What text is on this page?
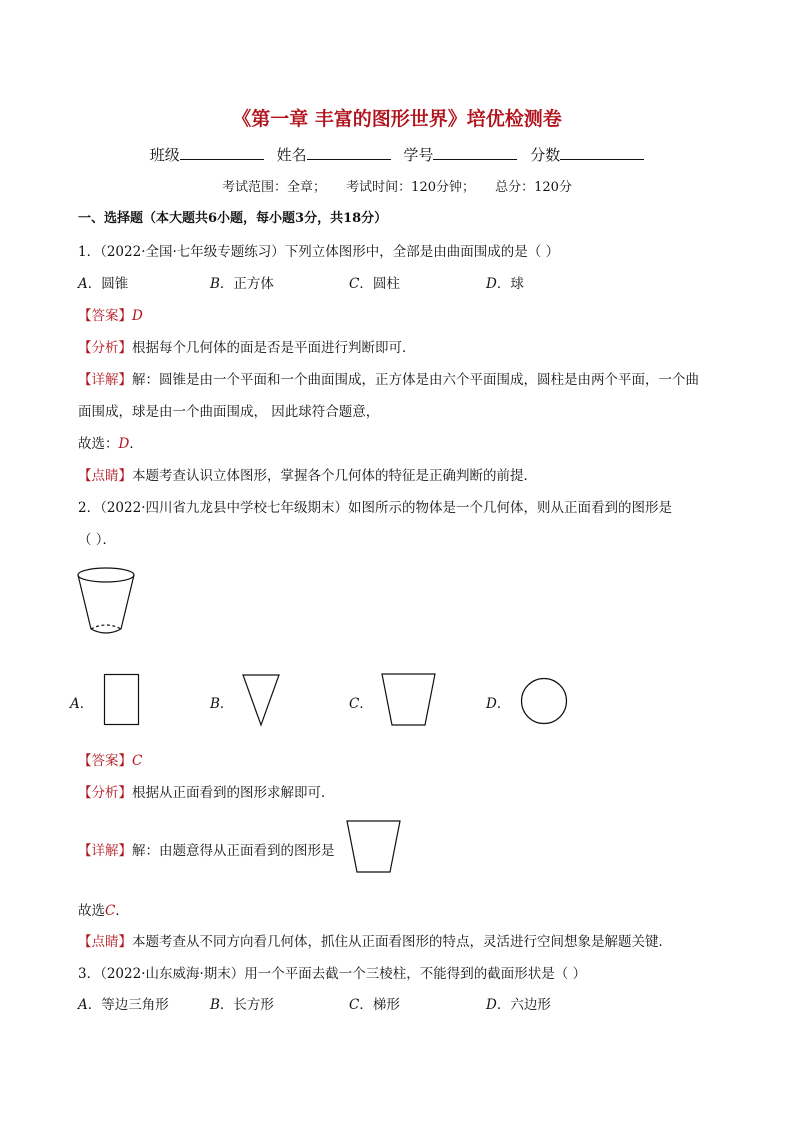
《第一章 丰富的图形世界》培优检测卷
班级	姓名	学号	分数
考试范围：全章； 考试时间：120分钟； 总分：120分
一、选择题（本大题共6小题，每小题3分，共18分）
1．（2022·全国·七年级专题练习）下列立体图形中，全部是由曲面围成的是（ ）
A．圆锥	B．正方体	C．圆柱	D．球
【答案】D
【分析】根据每个几何体的面是否是平面进行判断即可．
【详解】解：圆锥是由一个平面和一个曲面围成，正方体是由六个平面围成，圆柱是由两个平面，一个曲
面围成，球是由一个曲面围成， 因此球符合题意，
故选：D．
【点睛】本题考查认识立体图形，掌握各个几何体的特征是正确判断的前提．
2．（2022·四川省九龙县中学校七年级期末）如图所示的物体是一个几何体，则从正面看到的图形是
（ ）．
A．	B．	C．	D．
【答案】C
【分析】根据从正面看到的图形求解即可．
【详解】解：由题意得从正面看到的图形是
故选C．
【点睛】本题考查从不同方向看几何体，抓住从正面看图形的特点，灵活进行空间想象是解题关键．
3．（2022·山东威海·期末）用一个平面去截一个三棱柱，不能得到的截面形状是（ ）
A．等边三角形	B．长方形	C．梯形	D．六边形
